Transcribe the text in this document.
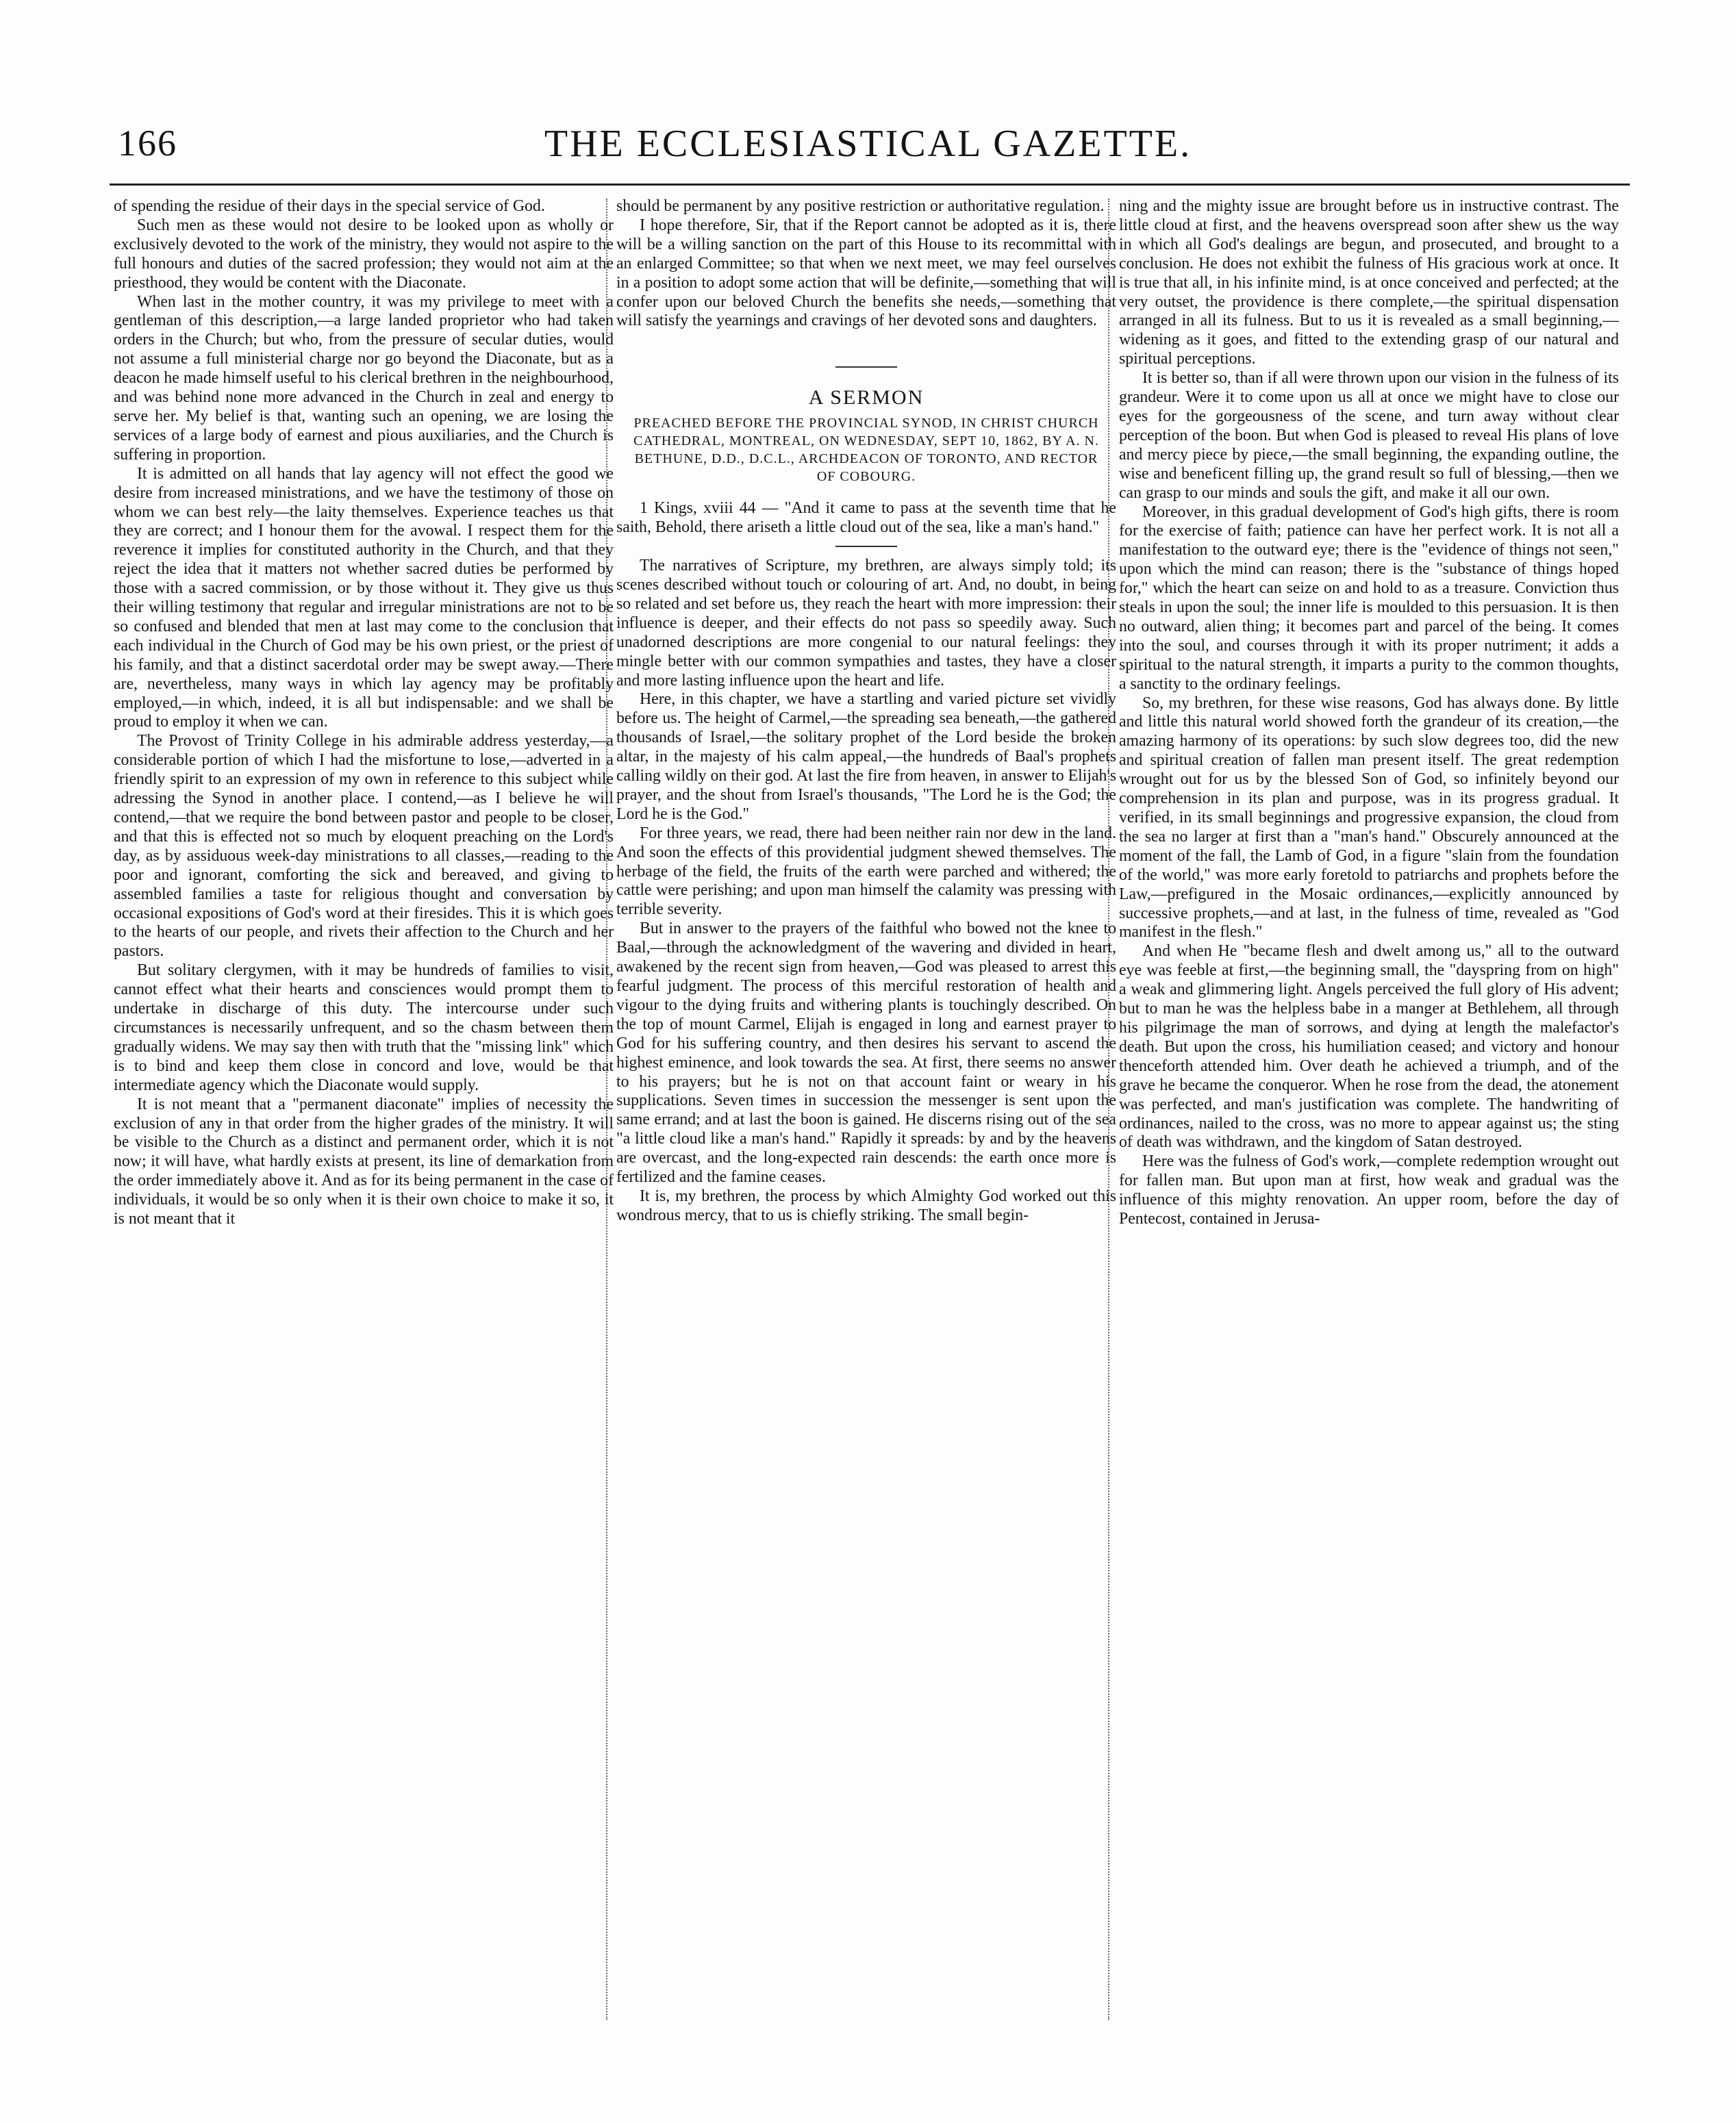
166	THE ECCLESIASTICAL GAZETTE.

of spending the residue of their days in the special service of God.

Such men as these would not desire to be looked upon as wholly or exclusively devoted to the work of the ministry, they would not aspire to the full honours and duties of the sacred profession; they would not aim at the priesthood, they would be content with the Diaconate.

When last in the mother country, it was my privilege to meet with a gentleman of this description,—a large landed proprietor who had taken orders in the Church; but who, from the pressure of secular duties, would not assume a full ministerial charge nor go beyond the Diaconate, but as a deacon he made himself useful to his clerical brethren in the neighbourhood, and was behind none more advanced in the Church in zeal and energy to serve her. My belief is that, wanting such an opening, we are losing the services of a large body of earnest and pious auxiliaries, and the Church is suffering in proportion.

It is admitted on all hands that lay agency will not effect the good we desire from increased ministrations, and we have the testimony of those on whom we can best rely—the laity themselves. Experience teaches us that they are correct; and I honour them for the avowal. I respect them for the reverence it implies for constituted authority in the Church, and that they reject the idea that it matters not whether sacred duties be performed by those with a sacred commission, or by those without it. They give us thus their willing testimony that regular and irregular ministrations are not to be so confused and blended that men at last may come to the conclusion that each individual in the Church of God may be his own priest, or the priest of his family, and that a distinct sacerdotal order may be swept away.—There are, nevertheless, many ways in which lay agency may be profitably employed,—in which, indeed, it is all but indispensable: and we shall be proud to employ it when we can.

The Provost of Trinity College in his admirable address yesterday,—a considerable portion of which I had the misfortune to lose,—adverted in a friendly spirit to an expression of my own in reference to this subject while adressing the Synod in another place. I contend,—as I believe he will contend,—that we require the bond between pastor and people to be closer, and that this is effected not so much by eloquent preaching on the Lord's day, as by assiduous week-day ministrations to all classes,—reading to the poor and ignorant, comforting the sick and bereaved, and giving to assembled families a taste for religious thought and conversation by occasional expositions of God's word at their firesides. This it is which goes to the hearts of our people, and rivets their affection to the Church and her pastors.

But solitary clergymen, with it may be hundreds of families to visit, cannot effect what their hearts and consciences would prompt them to undertake in discharge of this duty. The intercourse under such circumstances is necessarily unfrequent, and so the chasm between them gradually widens. We may say then with truth that the "missing link" which is to bind and keep them close in concord and love, would be that intermediate agency which the Diaconate would supply.

It is not meant that a "permanent diaconate" implies of necessity the exclusion of any in that order from the higher grades of the ministry. It will be visible to the Church as a distinct and permanent order, which it is not now; it will have, what hardly exists at present, its line of demarkation from the order immediately above it. And as for its being permanent in the case of individuals, it would be so only when it is their own choice to make it so, it is not meant that it

should be permanent by any positive restriction or authoritative regulation.

I hope therefore, Sir, that if the Report cannot be adopted as it is, there will be a willing sanction on the part of this House to its recommittal with an enlarged Committee; so that when we next meet, we may feel ourselves in a position to adopt some action that will be definite,—something that will confer upon our beloved Church the benefits she needs,—something that will satisfy the yearnings and cravings of her devoted sons and daughters.

A SERMON

PREACHED BEFORE THE PROVINCIAL SYNOD, IN CHRIST CHURCH CATHEDRAL, MONTREAL, ON WEDNESDAY, SEPT 10, 1862, BY A. N. BETHUNE, D.D., D.C.L., ARCHDEACON OF TORONTO, AND RECTOR OF COBOURG.

1 Kings, xviii 44 — "And it came to pass at the seventh time that he saith, Behold, there ariseth a little cloud out of the sea, like a man's hand."

The narratives of Scripture, my brethren, are always simply told; its scenes described without touch or colouring of art. And, no doubt, in being so related and set before us, they reach the heart with more impression: their influence is deeper, and their effects do not pass so speedily away. Such unadorned descriptions are more congenial to our natural feelings: they mingle better with our common sympathies and tastes, they have a closer and more lasting influence upon the heart and life.

Here, in this chapter, we have a startling and varied picture set vividly before us. The height of Carmel,—the spreading sea beneath,—the gathered thousands of Israel,—the solitary prophet of the Lord beside the broken altar, in the majesty of his calm appeal,—the hundreds of Baal's prophets calling wildly on their god. At last the fire from heaven, in answer to Elijah's prayer, and the shout from Israel's thousands, "The Lord he is the God; the Lord he is the God."

For three years, we read, there had been neither rain nor dew in the land. And soon the effects of this providential judgment shewed themselves. The herbage of the field, the fruits of the earth were parched and withered; the cattle were perishing; and upon man himself the calamity was pressing with terrible severity.

But in answer to the prayers of the faithful who bowed not the knee to Baal,—through the acknowledgment of the wavering and divided in heart, awakened by the recent sign from heaven,—God was pleased to arrest this fearful judgment. The process of this merciful restoration of health and vigour to the dying fruits and withering plants is touchingly described. On the top of mount Carmel, Elijah is engaged in long and earnest prayer to God for his suffering country, and then desires his servant to ascend the highest eminence, and look towards the sea. At first, there seems no answer to his prayers; but he is not on that account faint or weary in his supplications. Seven times in succession the messenger is sent upon the same errand; and at last the boon is gained. He discerns rising out of the sea "a little cloud like a man's hand." Rapidly it spreads: by and by the heavens are overcast, and the long-expected rain descends: the earth once more is fertilized and the famine ceases.

It is, my brethren, the process by which Almighty God worked out this wondrous mercy, that to us is chiefly striking. The small begin-

ning and the mighty issue are brought before us in instructive contrast. The little cloud at first, and the heavens overspread soon after shew us the way in which all God's dealings are begun, and prosecuted, and brought to a conclusion. He does not exhibit the fulness of His gracious work at once. It is true that all, in his infinite mind, is at once conceived and perfected; at the very outset, the providence is there complete,—the spiritual dispensation arranged in all its fulness. But to us it is revealed as a small beginning,—widening as it goes, and fitted to the extending grasp of our natural and spiritual perceptions.

It is better so, than if all were thrown upon our vision in the fulness of its grandeur. Were it to come upon us all at once we might have to close our eyes for the gorgeousness of the scene, and turn away without clear perception of the boon. But when God is pleased to reveal His plans of love and mercy piece by piece,—the small beginning, the expanding outline, the wise and beneficent filling up, the grand result so full of blessing,—then we can grasp to our minds and souls the gift, and make it all our own.

Moreover, in this gradual development of God's high gifts, there is room for the exercise of faith; patience can have her perfect work. It is not all a manifestation to the outward eye; there is the "evidence of things not seen," upon which the mind can reason; there is the "substance of things hoped for," which the heart can seize on and hold to as a treasure. Conviction thus steals in upon the soul; the inner life is moulded to this persuasion. It is then no outward, alien thing; it becomes part and parcel of the being. It comes into the soul, and courses through it with its proper nutriment; it adds a spiritual to the natural strength, it imparts a purity to the common thoughts, a sanctity to the ordinary feelings.

So, my brethren, for these wise reasons, God has always done. By little and little this natural world showed forth the grandeur of its creation,—the amazing harmony of its operations: by such slow degrees too, did the new and spiritual creation of fallen man present itself. The great redemption wrought out for us by the blessed Son of God, so infinitely beyond our comprehension in its plan and purpose, was in its progress gradual. It verified, in its small beginnings and progressive expansion, the cloud from the sea no larger at first than a "man's hand." Obscurely announced at the moment of the fall, the Lamb of God, in a figure "slain from the foundation of the world," was more early foretold to patriarchs and prophets before the Law,—prefigured in the Mosaic ordinances,—explicitly announced by successive prophets,—and at last, in the fulness of time, revealed as "God manifest in the flesh."

And when He "became flesh and dwelt among us," all to the outward eye was feeble at first,—the beginning small, the "dayspring from on high" a weak and glimmering light. Angels perceived the full glory of His advent; but to man he was the helpless babe in a manger at Bethlehem, all through his pilgrimage the man of sorrows, and dying at length the malefactor's death. But upon the cross, his humiliation ceased; and victory and honour thenceforth attended him. Over death he achieved a triumph, and of the grave he became the conqueror. When he rose from the dead, the atonement was perfected, and man's justification was complete. The handwriting of ordinances, nailed to the cross, was no more to appear against us; the sting of death was withdrawn, and the kingdom of Satan destroyed.

Here was the fulness of God's work,—complete redemption wrought out for fallen man. But upon man at first, how weak and gradual was the influence of this mighty renovation. An upper room, before the day of Pentecost, contained in Jerusa-
